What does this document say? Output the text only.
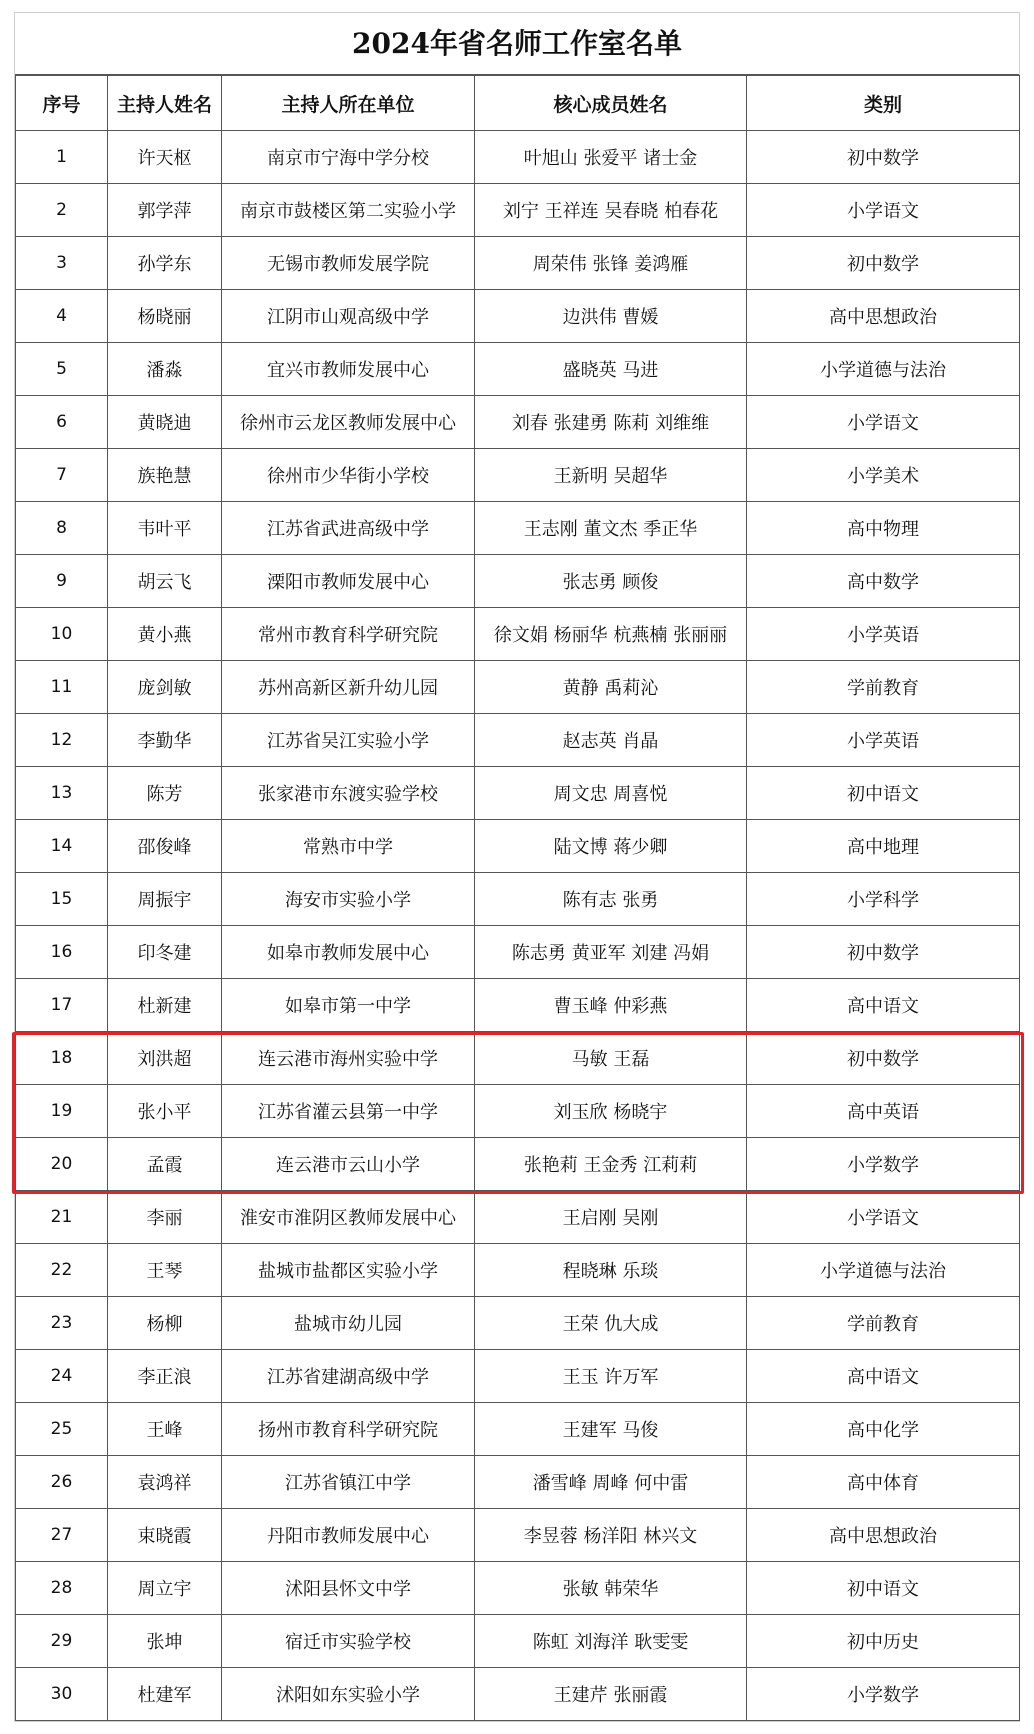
2024年省名师工作室名单
序号	主持人姓名	主持人所在单位	核心成员姓名	类别
1	许天枢	南京市宁海中学分校	叶旭山 张爱平 诸士金	初中数学
2	郭学萍	南京市鼓楼区第二实验小学	刘宁 王祥连 吴春晓 柏春花	小学语文
3	孙学东	无锡市教师发展学院	周荣伟 张锋 姜鸿雁	初中数学
4	杨晓丽	江阴市山观高级中学	边洪伟 曹媛	高中思想政治
5	潘淼	宜兴市教师发展中心	盛晓英 马进	小学道德与法治
6	黄晓迪	徐州市云龙区教师发展中心	刘春 张建勇 陈莉 刘维维	小学语文
7	族艳慧	徐州市少华街小学校	王新明 吴超华	小学美术
8	韦叶平	江苏省武进高级中学	王志刚 董文杰 季正华	高中物理
9	胡云飞	溧阳市教师发展中心	张志勇 顾俊	高中数学
10	黄小燕	常州市教育科学研究院	徐文娟 杨丽华 杭燕楠 张丽丽	小学英语
11	庞剑敏	苏州高新区新升幼儿园	黄静 禹莉沁	学前教育
12	李勤华	江苏省吴江实验小学	赵志英 肖晶	小学英语
13	陈芳	张家港市东渡实验学校	周文忠 周喜悦	初中语文
14	邵俊峰	常熟市中学	陆文博 蒋少卿	高中地理
15	周振宇	海安市实验小学	陈有志 张勇	小学科学
16	印冬建	如皋市教师发展中心	陈志勇 黄亚军 刘建 冯娟	初中数学
17	杜新建	如皋市第一中学	曹玉峰 仲彩燕	高中语文
18	刘洪超	连云港市海州实验中学	马敏 王磊	初中数学
19	张小平	江苏省灌云县第一中学	刘玉欣 杨晓宇	高中英语
20	孟霞	连云港市云山小学	张艳莉 王金秀 江莉莉	小学数学
21	李丽	淮安市淮阴区教师发展中心	王启刚 吴刚	小学语文
22	王琴	盐城市盐都区实验小学	程晓琳 乐琰	小学道德与法治
23	杨柳	盐城市幼儿园	王荣 仇大成	学前教育
24	李正浪	江苏省建湖高级中学	王玉 许万军	高中语文
25	王峰	扬州市教育科学研究院	王建军 马俊	高中化学
26	袁鸿祥	江苏省镇江中学	潘雪峰 周峰 何中雷	高中体育
27	束晓霞	丹阳市教师发展中心	李昱蓉 杨洋阳 林兴文	高中思想政治
28	周立宇	沭阳县怀文中学	张敏 韩荣华	初中语文
29	张坤	宿迁市实验学校	陈虹 刘海洋 耿雯雯	初中历史
30	杜建军	沭阳如东实验小学	王建芹 张丽霞	小学数学
